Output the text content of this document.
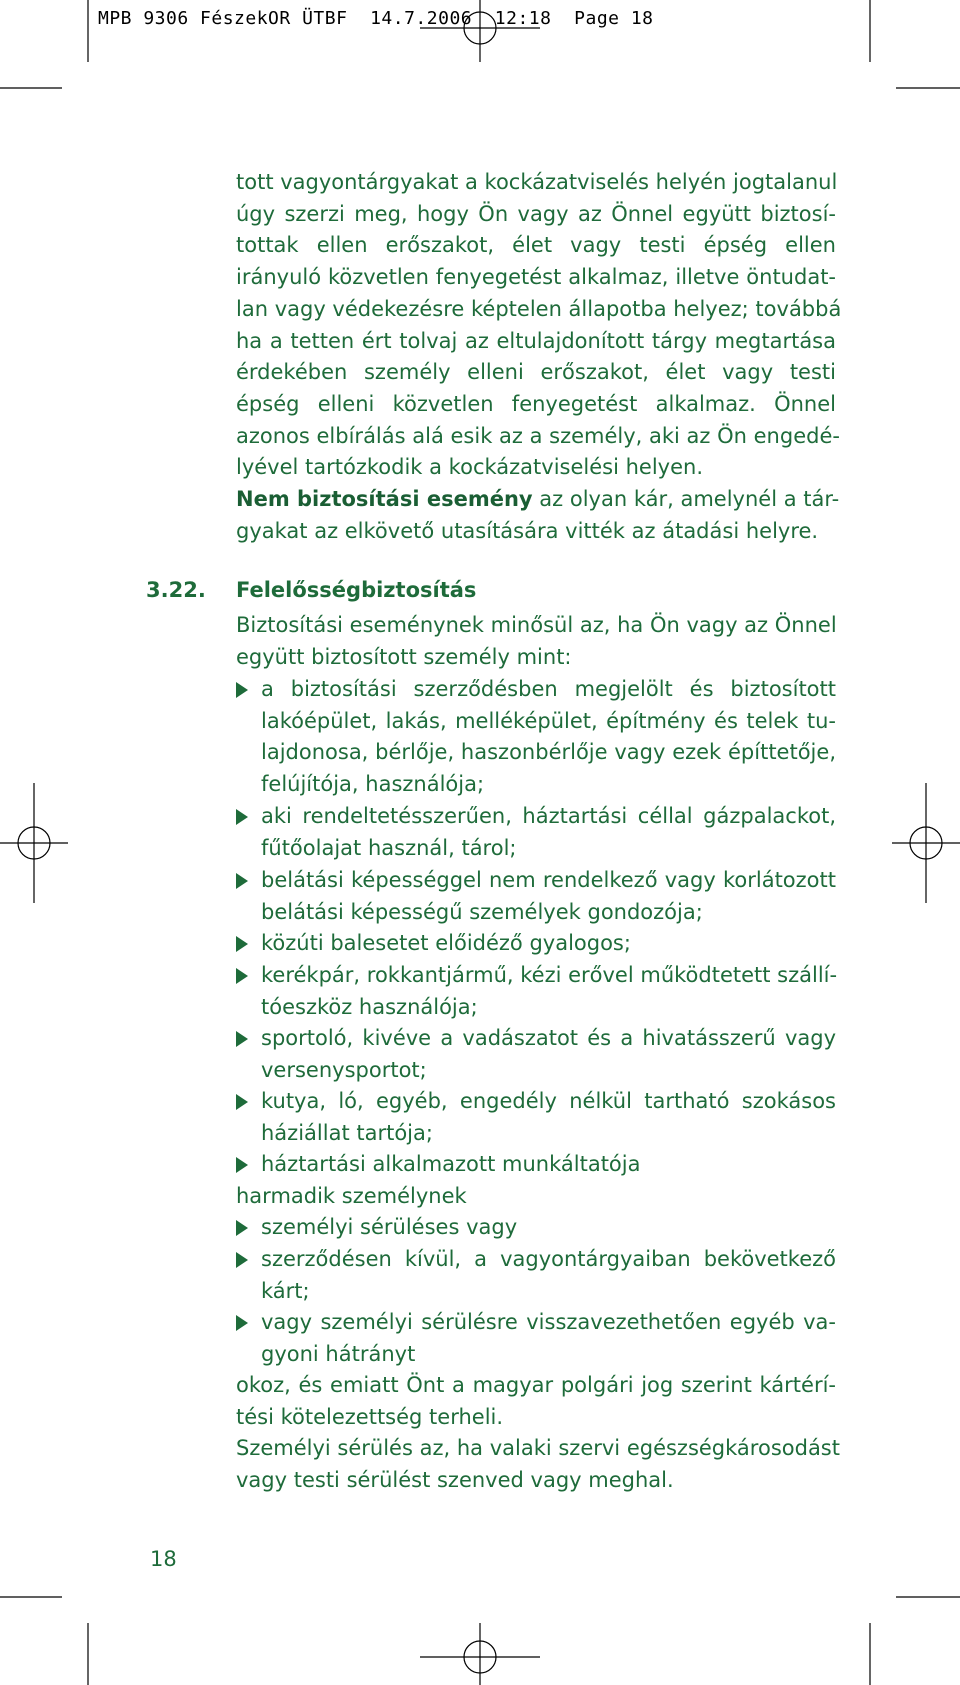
MPB 9306 FészekOR ÜTBF  14.7.2006  12:18  Page 18
tott vagyontárgyakat a kockázatviselés helyén jogtalanul
úgy szerzi meg, hogy Ön vagy az Önnel együtt biztosí-
tottak ellen erőszakot, élet vagy testi épség ellen
irányuló közvetlen fenyegetést alkalmaz, illetve öntudat-
lan vagy védekezésre képtelen állapotba helyez; továbbá
ha a tetten ért tolvaj az eltulajdonított tárgy megtartása
érdekében személy elleni erőszakot, élet vagy testi
épség elleni közvetlen fenyegetést alkalmaz. Önnel
azonos elbírálás alá esik az a személy, aki az Ön engedé-
lyével tartózkodik a kockázatviselési helyen.
Nem biztosítási esemény az olyan kár, amelynél a tár-
gyakat az elkövető utasítására vitték az átadási helyre.
3.22. Felelősségbiztosítás
Biztosítási eseménynek minősül az, ha Ön vagy az Önnel
együtt biztosított személy mint:
a biztosítási szerződésben megjelölt és biztosított
lakóépület, lakás, melléképület, építmény és telek tu-
lajdonosa, bérlője, haszonbérlője vagy ezek építtetője,
felújítója, használója;
aki rendeltetésszerűen, háztartási céllal gázpalackot,
fűtőolajat használ, tárol;
belátási képességgel nem rendelkező vagy korlátozott
belátási képességű személyek gondozója;
közúti balesetet előidéző gyalogos;
kerékpár, rokkantjármű, kézi erővel működtetett szállí-
tóeszköz használója;
sportoló, kivéve a vadászatot és a hivatásszerű vagy
versenysportot;
kutya, ló, egyéb, engedély nélkül tartható szokásos
háziállat tartója;
háztartási alkalmazott munkáltatója
harmadik személynek
személyi sérüléses vagy
szerződésen kívül, a vagyontárgyaiban bekövetkező
kárt;
vagy személyi sérülésre visszavezethetően egyéb va-
gyoni hátrányt
okoz, és emiatt Önt a magyar polgári jog szerint kártérí-
tési kötelezettség terheli.
Személyi sérülés az, ha valaki szervi egészségkárosodást
vagy testi sérülést szenved vagy meghal.
18
